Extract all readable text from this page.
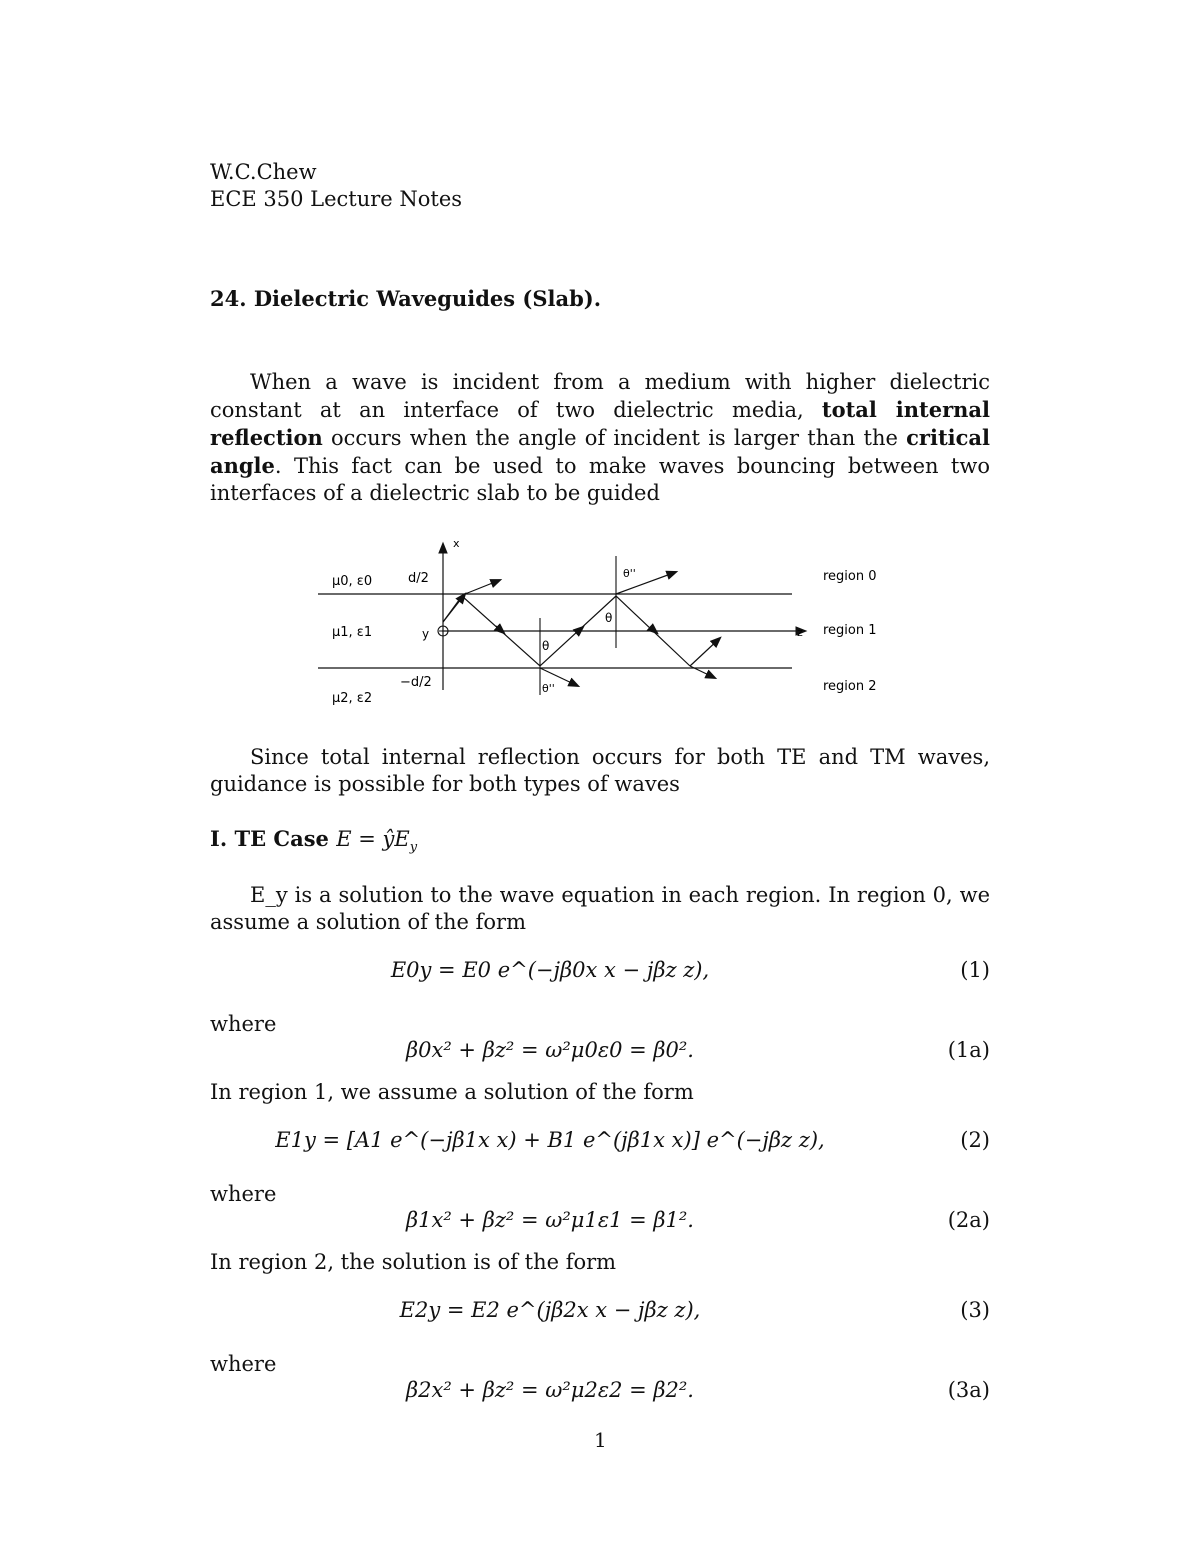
W.C.Chew
ECE 350 Lecture Notes
24. Dielectric Waveguides (Slab).
When a wave is incident from a medium with higher dielectric constant at an interface of two dielectric media, total internal reflection occurs when the angle of incident is larger than the critical angle. This fact can be used to make waves bouncing between two interfaces of a dielectric slab to be guided
x
z
y
d/2
−d/2
μ0, ε0
μ1, ε1
μ2, ε2
region 0
region 1
region 2
θ
θ
θ''
θ''
Since total internal reflection occurs for both TE and TM waves, guidance is possible for both types of waves
I. TE Case $E = ŷE_y$
E_y is a solution to the wave equation in each region. In region 0, we assume a solution of the form
E0y = E0 e^(−jβ0x x − jβz z),	(1)
where
β0x² + βz² = ω²μ0ε0 = β0².	(1a)
In region 1, we assume a solution of the form
E1y = [A1 e^(−jβ1x x) + B1 e^(jβ1x x)] e^(−jβz z),	(2)
where
β1x² + βz² = ω²μ1ε1 = β1².	(2a)
In region 2, the solution is of the form
E2y = E2 e^(jβ2x x − jβz z),	(3)
where
β2x² + βz² = ω²μ2ε2 = β2².	(3a)
1
